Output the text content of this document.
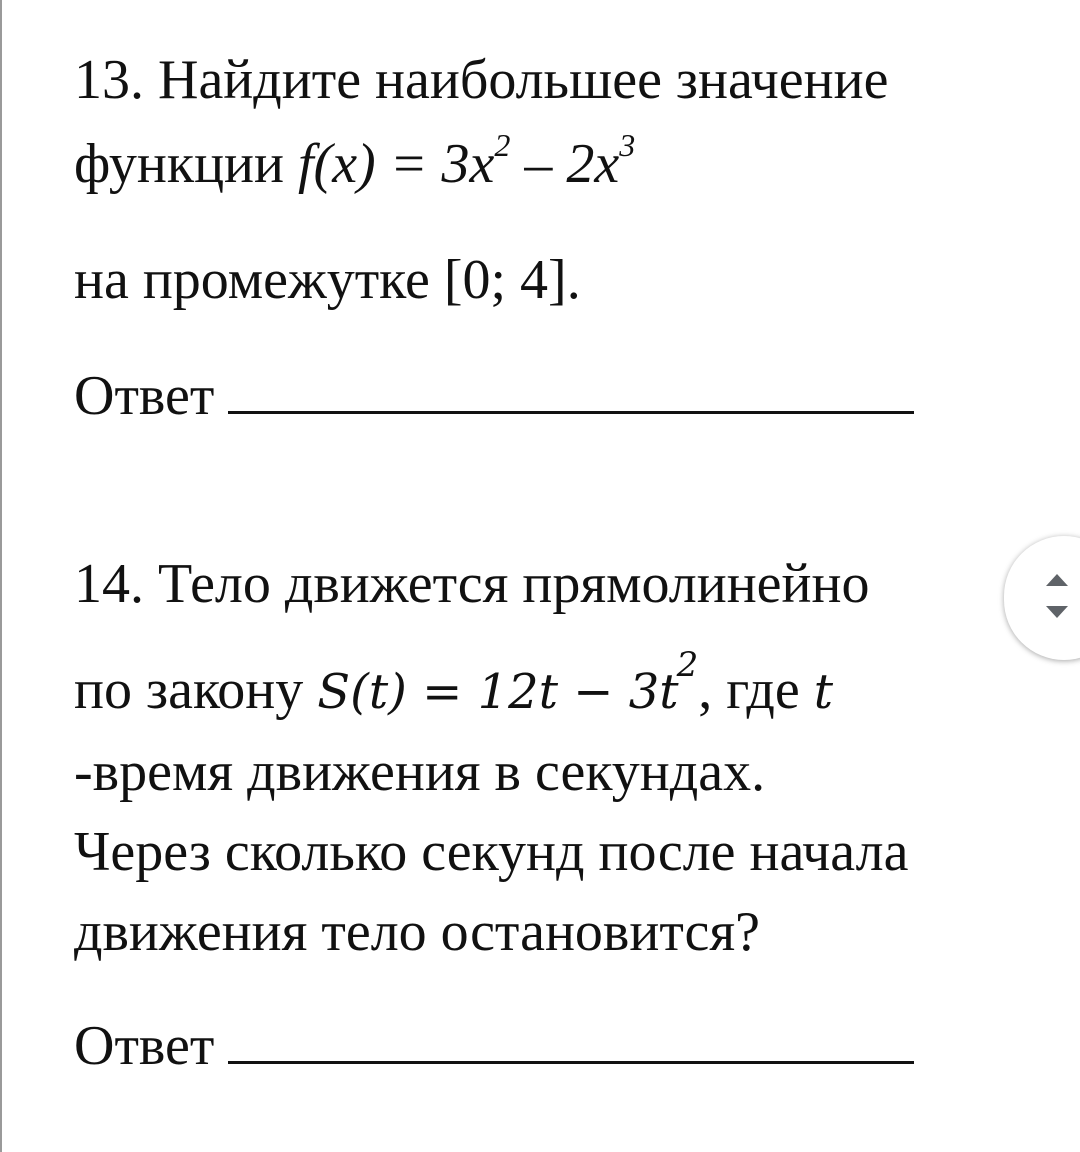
13. Найдите наибольшее значение
функции $f(x) = 3x^2 - 2x^3$
на промежутке [0; 4].
Ответ
14. Тело движется прямолинейно
по закону $S(t) = 12t - 3t^2$, где t
-время движения в секундах.
Через сколько секунд после начала
движения тело остановится?
Ответ
